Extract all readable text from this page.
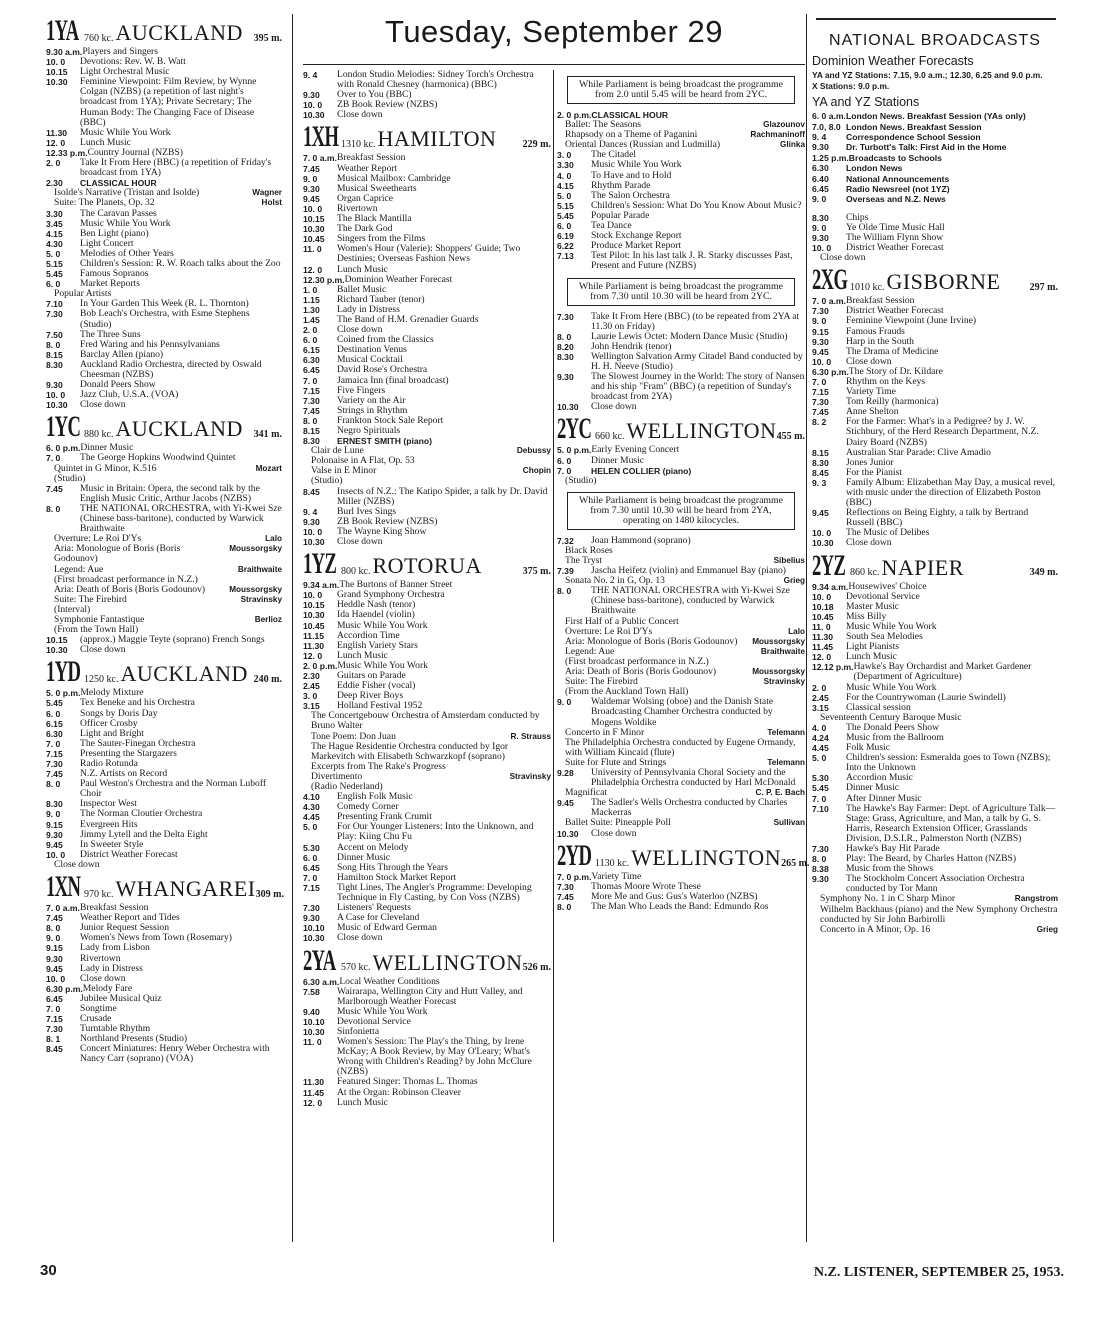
Tuesday, September 29
1YA 760 kc. AUCKLAND	395 m.
9.30 a.m. Players and Singers
10. 0	Devotions: Rev. W. B. Watt
10.15	Light Orchestral Music
10.30	Feminine Viewpoint: Film Review, by Wynne Colgan (NZBS) (a repetition of last night's broadcast from 1YA); Private Secretary; The Human Body: The Changing Face of Disease (BBC)
11.30	Music While You Work
12. 0	Lunch Music
12.33 p.m. Country Journal (NZBS)
2. 0	Take It From Here (BBC) (a repetition of Friday's broadcast from 1YA)
2.30	CLASSICAL HOUR
Isolde's Narrative (Tristan and Isolde)	Wagner
Suite: The Planets, Op. 32	Holst
3.30	The Caravan Passes
3.45	Music While You Work
4.15	Ben Light (piano)
4.30	Light Concert
5. 0	Melodies of Other Years
5.15	Children's Session: R. W. Roach talks about the Zoo
5.45	Famous Sopranos
6. 0	Market Reports
Popular Artists
7.10	In Your Garden This Week (R. L. Thornton)
7.30	Bob Leach's Orchestra, with Esme Stephens (Studio)
7.50	The Three Suns
8. 0	Fred Waring and his Pennsylvanians
8.15	Barclay Allen (piano)
8.30	Auckland Radio Orchestra, directed by Oswald Cheesman (NZBS)
9.30	Donald Peers Show
10. 0	Jazz Club, U.S.A. (VOA)
10.30	Close down
1YC 880 kc. AUCKLAND	341 m.
6. 0 p.m. Dinner Music
7. 0	The George Hopkins Woodwind Quintet
Quintet in G Minor, K.516	Mozart
(Studio)
7.45	Music in Britain: Opera, the second talk by the English Music Critic, Arthur Jacobs (NZBS)
8. 0	THE NATIONAL ORCHESTRA, with Yi-Kwei Sze (Chinese bass-baritone), conducted by Warwick Braithwaite
Overture: Le Roi D'Ys	Lalo
Aria: Monologue of Boris (Boris Godounov)
Moussorgsky
Legend: Aue	Braithwaite
(First broadcast performance in N.Z.)
Aria: Death of Boris (Boris Godounov)	Moussorgsky
Suite: The Firebird	Stravinsky
(Interval)
Symphonie Fantastique	Berlioz
(From the Town Hall)
10.15	(approx.) Maggie Teyte (soprano) French Songs
10.30	Close down
1YD 1250 kc. AUCKLAND 240 m.
5. 0 p.m. Melody Mixture
5.45	Tex Beneke and his Orchestra
6. 0	Songs by Doris Day
6.15	Officer Crosby
6.30	Light and Bright
7. 0	The Sauter-Finegan Orchestra
7.15	Presenting the Stargazers
7.30	Radio Rotunda
7.45	N.Z. Artists on Record
8. 0	Paul Weston's Orchestra and the Norman Luboff Choir
8.30	Inspector West
9. 0	The Norman Cloutier Orchestra
9.15	Evergreen Hits
9.30	Jimmy Lytell and the Delta Eight
9.45	In Sweeter Style
10. 0	District Weather Forecast
Close down
1XN 970 kc. WHANGAREI 309 m.
7. 0 a.m. Breakfast Session
7.45	Weather Report and Tides
8. 0	Junior Request Session
9. 0	Women's News from Town (Rosemary)
9.15	Lady from Lisbon
9.30	Rivertown
9.45	Lady in Distress
10. 0	Close down
6.30 p.m. Melody Fare
6.45	Jubilee Musical Quiz
7. 0	Songtime
7.15	Crusade
7.30	Turntable Rhythm
8. 1	Northland Presents (Studio)
8.45	Concert Miniatures: Henry Weber Orchestra with Nancy Carr (soprano) (VOA)
9. 4	London Studio Melodies: Sidney Torch's Orchestra with Ronald Chesney (harmonica) (BBC)
9.30	Over to You (BBC)
10. 0	ZB Book Review (NZBS)
10.30	Close down
1XH 1310 kc. HAMILTON	229 m.
7. 0 a.m. Breakfast Session
7.45	Weather Report
9. 0	Musical Mailbox: Cambridge
9.30	Musical Sweethearts
9.45	Organ Caprice
10. 0	Rivertown
10.15	The Black Mantilla
10.30	The Dark God
10.45	Singers from the Films
11. 0	Women's Hour (Valerie): Shoppers' Guide; Two Destinies; Overseas Fashion News
12. 0	Lunch Music
12.30 p.m. Dominion Weather Forecast
1. 0	Ballet Music
1.15	Richard Tauber (tenor)
1.30	Lady in Distress
1.45	The Band of H.M. Grenadier Guards
2. 0	Close down
6. 0	Coined from the Classics
6.15	Destination Venus
6.30	Musical Cocktail
6.45	David Rose's Orchestra
7. 0	Jamaica Inn (final broadcast)
7.15	Five Fingers
7.30	Variety on the Air
7.45	Strings in Rhythm
8. 0	Frankton Stock Sale Report
8.15	Negro Spirituals
8.30	ERNEST SMITH (piano)
Clair de Lune	Debussy
Polonaise in A Flat, Op. 53
Valse in E Minor	Chopin
(Studio)
8.45	Insects of N.Z.: The Katipo Spider, a talk by Dr. David Miller (NZBS)
9. 4	Burl Ives Sings
9.30	ZB Book Review (NZBS)
10. 0	The Wayne King Show
10.30	Close down
1YZ 800 kc. ROTORUA	375 m.
9.34 a.m. The Burtons of Banner Street
10. 0	Grand Symphony Orchestra
10.15	Heddle Nash (tenor)
10.30	Ida Haendel (violin)
10.45	Music While You Work
11.15	Accordion Time
11.30	English Variety Stars
12. 0	Lunch Music
2. 0 p.m. Music While You Work
2.30	Guitars on Parade
2.45	Eddie Fisher (vocal)
3. 0	Deep River Boys
3.15	Holland Festival 1952
The Concertgebouw Orchestra of Amsterdam conducted by Bruno Walter
Tone Poem: Don Juan	R. Strauss
The Hague Residentie Orchestra conducted by Igor Markevitch with Elisabeth Schwarzkopf (soprano)
Excerpts from The Rake's Progress
Divertimento	Stravinsky
(Radio Nederland)
4.10	English Folk Music
4.30	Comedy Corner
4.45	Presenting Frank Crumit
5. 0	For Our Younger Listeners: Into the Unknown, and Play: Kiing Chu Fu
5.30	Accent on Melody
6. 0	Dinner Music
6.45	Song Hits Through the Years
7. 0	Hamilton Stock Market Report
7.15	Tight Lines, The Angler's Programme: Developing Technique in Fly Casting, by Con Voss (NZBS)
7.30	Listeners' Requests
9.30	A Case for Cleveland
10.10	Music of Edward German
10.30	Close down
2YA 570 kc. WELLINGTON 526 m.
6.30 a.m. Local Weather Conditions
7.58	Wairarapa, Wellington City and Hutt Valley, and Marlborough Weather Forecast
9.40	Music While You Work
10.10	Devotional Service
10.30	Sinfonietta
11. 0	Women's Session: The Play's the Thing, by Irene McKay; A Book Review, by May O'Leary; What's Wrong with Children's Reading? by John McClure (NZBS)
11.30	Featured Singer: Thomas L. Thomas
11.45	At the Organ: Robinson Cleaver
12. 0	Lunch Music
While Parliament is being broadcast the programme from 2.0 until 5.45 will be heard from 2YC.
2. 0 p.m. CLASSICAL HOUR
Ballet: The Seasons	Glazounov
Rhapsody on a Theme of Paganini	Rachmaninoff
Oriental Dances (Russian and Ludmilla)	Glinka
3. 0	The Citadel
3.30	Music While You Work
4. 0	To Have and to Hold
4.15	Rhythm Parade
5. 0	The Salon Orchestra
5.15	Children's Session: What Do You Know About Music?
5.45	Popular Parade
6. 0	Tea Dance
6.19	Stock Exchange Report
6.22	Produce Market Report
7.13	Test Pilot: In his last talk J. R. Starky discusses Past, Present and Future (NZBS)
While Parliament is being broadcast the programme from 7.30 until 10.30 will be heard from 2YC.
7.30	Take It From Here (BBC) (to be repeated from 2YA at 11.30 on Friday)
8. 0	Laurie Lewis Octet: Modern Dance Music (Studio)
8.20	John Hendrik (tenor)
8.30	Wellington Salvation Army Citadel Band conducted by H. H. Neeve (Studio)
9.30	The Slowest Journey in the World: The story of Nansen and his ship "Fram" (BBC) (a repetition of Sunday's broadcast from 2YA)
10.30	Close down
2YC 660 kc. WELLINGTON 455 m.
5. 0 p.m. Early Evening Concert
6. 0	Dinner Music
7. 0	HELEN COLLIER (piano)
(Studio)
While Parliament is being broadcast the programme from 7.30 until 10.30 will be heard from 2YA, operating on 1480 kilocycles.
7.32	Joan Hammond (soprano)
Black Roses
The Tryst	Sibelius
7.39	Jascha Heifetz (violin) and Emmanuel Bay (piano)
Sonata No. 2 in G, Op. 13	Grieg
8. 0	THE NATIONAL ORCHESTRA with Yi-Kwei Sze (Chinese bass-baritone), conducted by Warwick Braithwaite
First Half of a Public Concert
Overture: Le Roi D'Ys	Lalo
Aria: Monologue of Boris (Boris Godounov) Moussorgsky
Legend: Aue	Braithwaite
(First broadcast performance in N.Z.)
Aria: Death of Boris (Boris Godounov)	Moussorgsky
Suite: The Firebird	Stravinsky
(From the Auckland Town Hall)
9. 0	Waldemar Wolsing (oboe) and the Danish State Broadcasting Chamber Orchestra conducted by Mogens Woldike
Concerto in F Minor	Telemann
The Philadelphia Orchestra conducted by Eugene Ormandy, with William Kincaid (flute)
Suite for Flute and Strings	Telemann
9.28	University of Pennsylvania Choral Society and the Philadelphia Orchestra conducted by Harl McDonald
Magnificat	C. P. E. Bach
9.45	The Sadler's Wells Orchestra conducted by Charles Mackerras
Ballet Suite: Pineapple Poll	Sullivan
10.30	Close down
2YD 1130 kc. WELLINGTON 265 m.
7. 0 p.m. Variety Time
7.30	Thomas Moore Wrote These
7.45	More Me and Gus: Gus's Waterloo (NZBS)
8. 0	The Man Who Leads the Band: Edmundo Ros
NATIONAL BROADCASTS
Dominion Weather Forecasts
YA and YZ Stations: 7.15, 9.0 a.m.; 12.30, 6.25 and 9.0 p.m.
X Stations: 9.0 p.m.
YA and YZ Stations
6. 0 a.m. London News. Breakfast Session (YAs only)
7.0, 8.0 London News. Breakfast Session
9. 4	Correspondence School Session
9.30	Dr. Turbott's Talk: First Aid in the Home
1.25 p.m. Broadcasts to Schools
6.30	London News
6.40	National Announcements
6.45	Radio Newsreel (not 1YZ)
9. 0	Overseas and N.Z. News
8.30	Chips
9. 0	Ye Olde Time Music Hall
9.30	The William Flynn Show
10. 0	District Weather Forecast
Close down
2XG 1010 kc. GISBORNE	297 m.
7. 0 a.m. Breakfast Session
7.30	District Weather Forecast
9. 0	Feminine Viewpoint (June Irvine)
9.15	Famous Frauds
9.30	Harp in the South
9.45	The Drama of Medicine
10. 0	Close down
6.30 p.m. The Story of Dr. Kildare
7. 0	Rhythm on the Keys
7.15	Variety Time
7.30	Tom Reilly (harmonica)
7.45	Anne Shelton
8. 2	For the Farmer: What's in a Pedigree? by J. W. Stichbury, of the Herd Research Department, N.Z. Dairy Board (NZBS)
8.15	Australian Star Parade: Clive Amadio
8.30	Jones Junior
8.45	For the Pianist
9. 3	Family Album: Elizabethan May Day, a musical revel, with music under the direction of Elizabeth Poston (BBC)
9.45	Reflections on Being Eighty, a talk by Bertrand Russell (BBC)
10. 0	The Music of Delibes
10.30	Close down
2YZ 860 kc. NAPIER	349 m.
9.34 a.m. Housewives' Choice
10. 0	Devotional Service
10.18	Master Music
10.45	Miss Billy
11. 0	Music While You Work
11.30	South Sea Melodies
11.45	Light Pianists
12. 0	Lunch Music
12.12 p.m. Hawke's Bay Orchardist and Market Gardener (Department of Agriculture)
2. 0	Music While You Work
2.45	For the Countrywoman (Laurie Swindell)
3.15	Classical session
Seventeenth Century Baroque Music
4. 0	The Donald Peers Show
4.24	Music from the Ballroom
4.45	Folk Music
5. 0	Children's session: Esmeralda goes to Town (NZBS); Into the Unknown
5.30	Accordion Music
5.45	Dinner Music
7. 0	After Dinner Music
7.10	The Hawke's Bay Farmer: Dept. of Agriculture Talk—Stage: Grass, Agriculture, and Man, a talk by G. S. Harris, Research Extension Officer, Grasslands Division, D.S.I.R., Palmerston North (NZBS)
7.30	Hawke's Bay Hit Parade
8. 0	Play: The Beard, by Charles Hatton (NZBS)
8.38	Music from the Shows
9.30	The Stockholm Concert Association Orchestra conducted by Tor Mann
Symphony No. 1 in C Sharp Minor	Rangstrom
Wilhelm Backhaus (piano) and the New Symphony Orchestra conducted by Sir John Barbirolli
Concerto in A Minor, Op. 16	Grieg
30	N.Z. LISTENER, SEPTEMBER 25, 1953.
